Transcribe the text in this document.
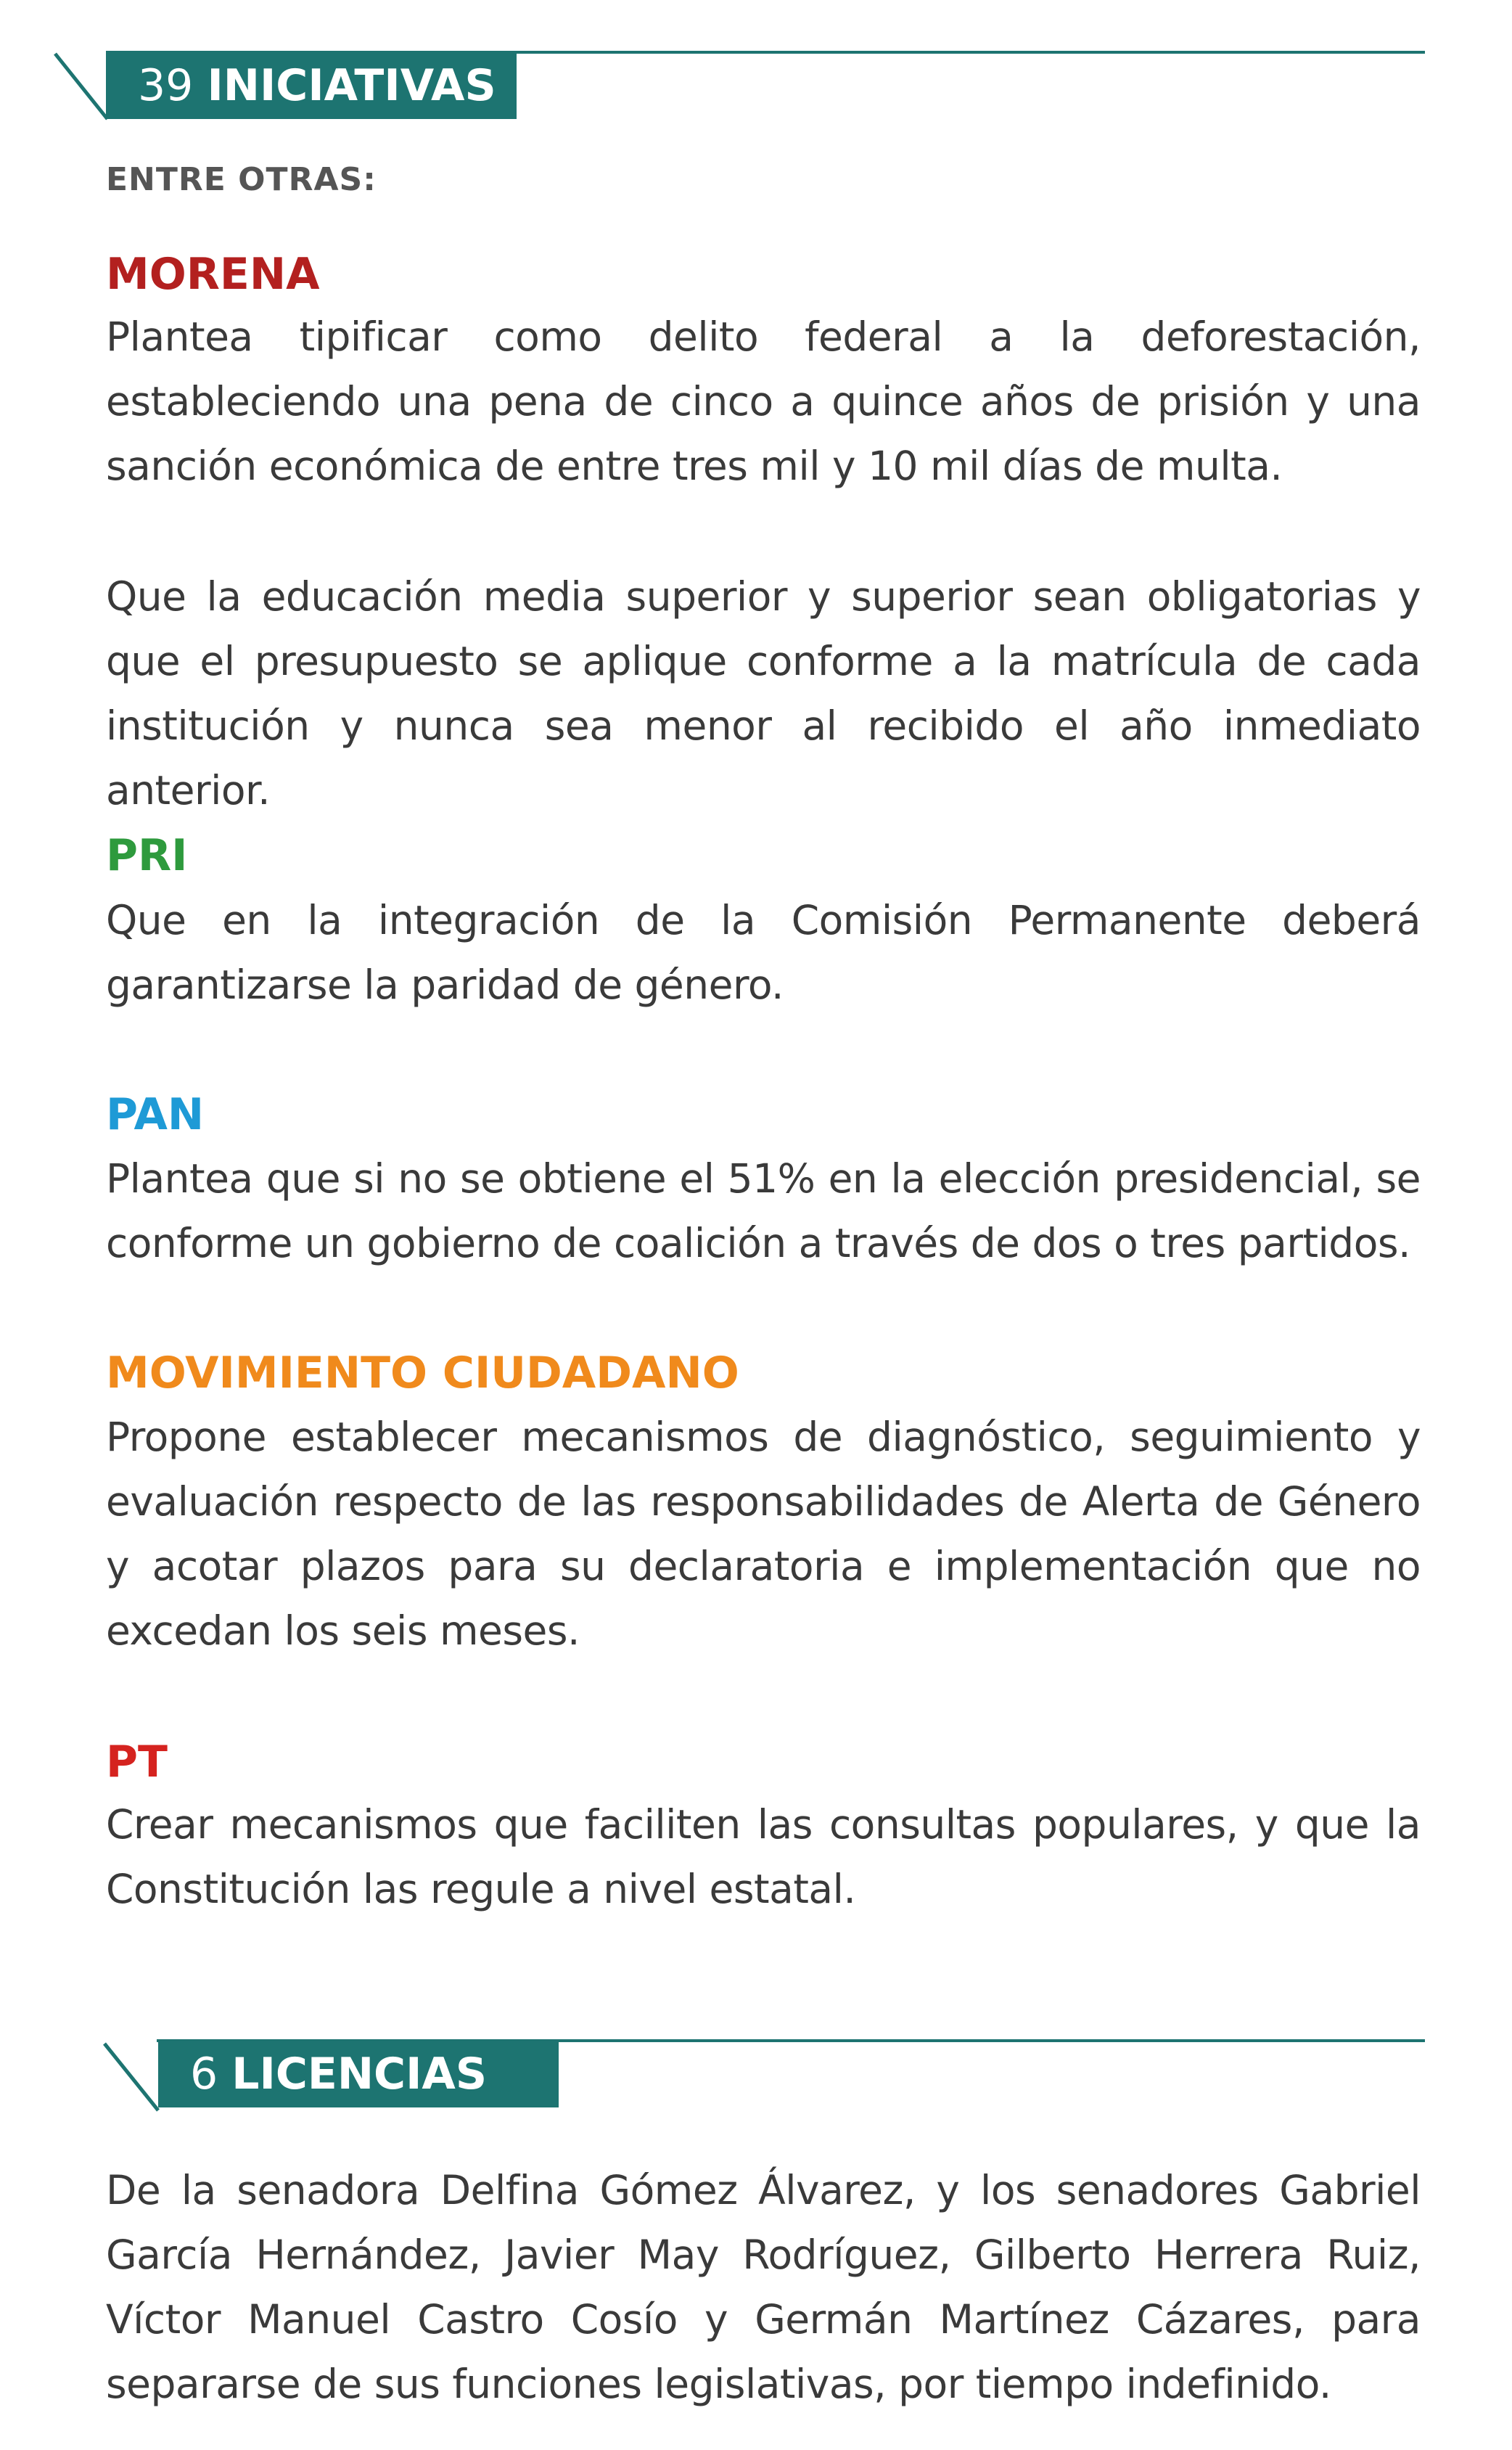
39 INICIATIVAS
ENTRE OTRAS:
MORENA
Plantea tipificar como delito federal a la deforestación, estableciendo una pena de cinco a quince años de prisión y una sanción económica de entre tres mil y 10 mil días de multa.
Que la educación media superior y superior sean obligatorias y que el presupuesto se aplique conforme a la matrícula de cada institución y nunca sea menor al recibido el año inmediato anterior.
PRI
Que en la integración de la Comisión Permanente deberá garantizarse la paridad de género.
PAN
Plantea que si no se obtiene el 51% en la elección presidencial, se conforme un gobierno de coalición a través de dos o tres partidos.
MOVIMIENTO CIUDADANO
Propone establecer mecanismos de diagnóstico, seguimiento y evaluación respecto de las responsabilidades de Alerta de Género y acotar plazos para su declaratoria e implementación que no excedan los seis meses.
PT
Crear mecanismos que faciliten las consultas populares, y que la Constitución las regule a nivel estatal.
6 LICENCIAS
De la senadora Delfina Gómez Álvarez, y los senadores Gabriel García Hernández, Javier May Rodríguez, Gilberto Herrera Ruiz, Víctor Manuel Castro Cosío y Germán Martínez Cázares, para separarse de sus funciones legislativas, por tiempo indefinido.
